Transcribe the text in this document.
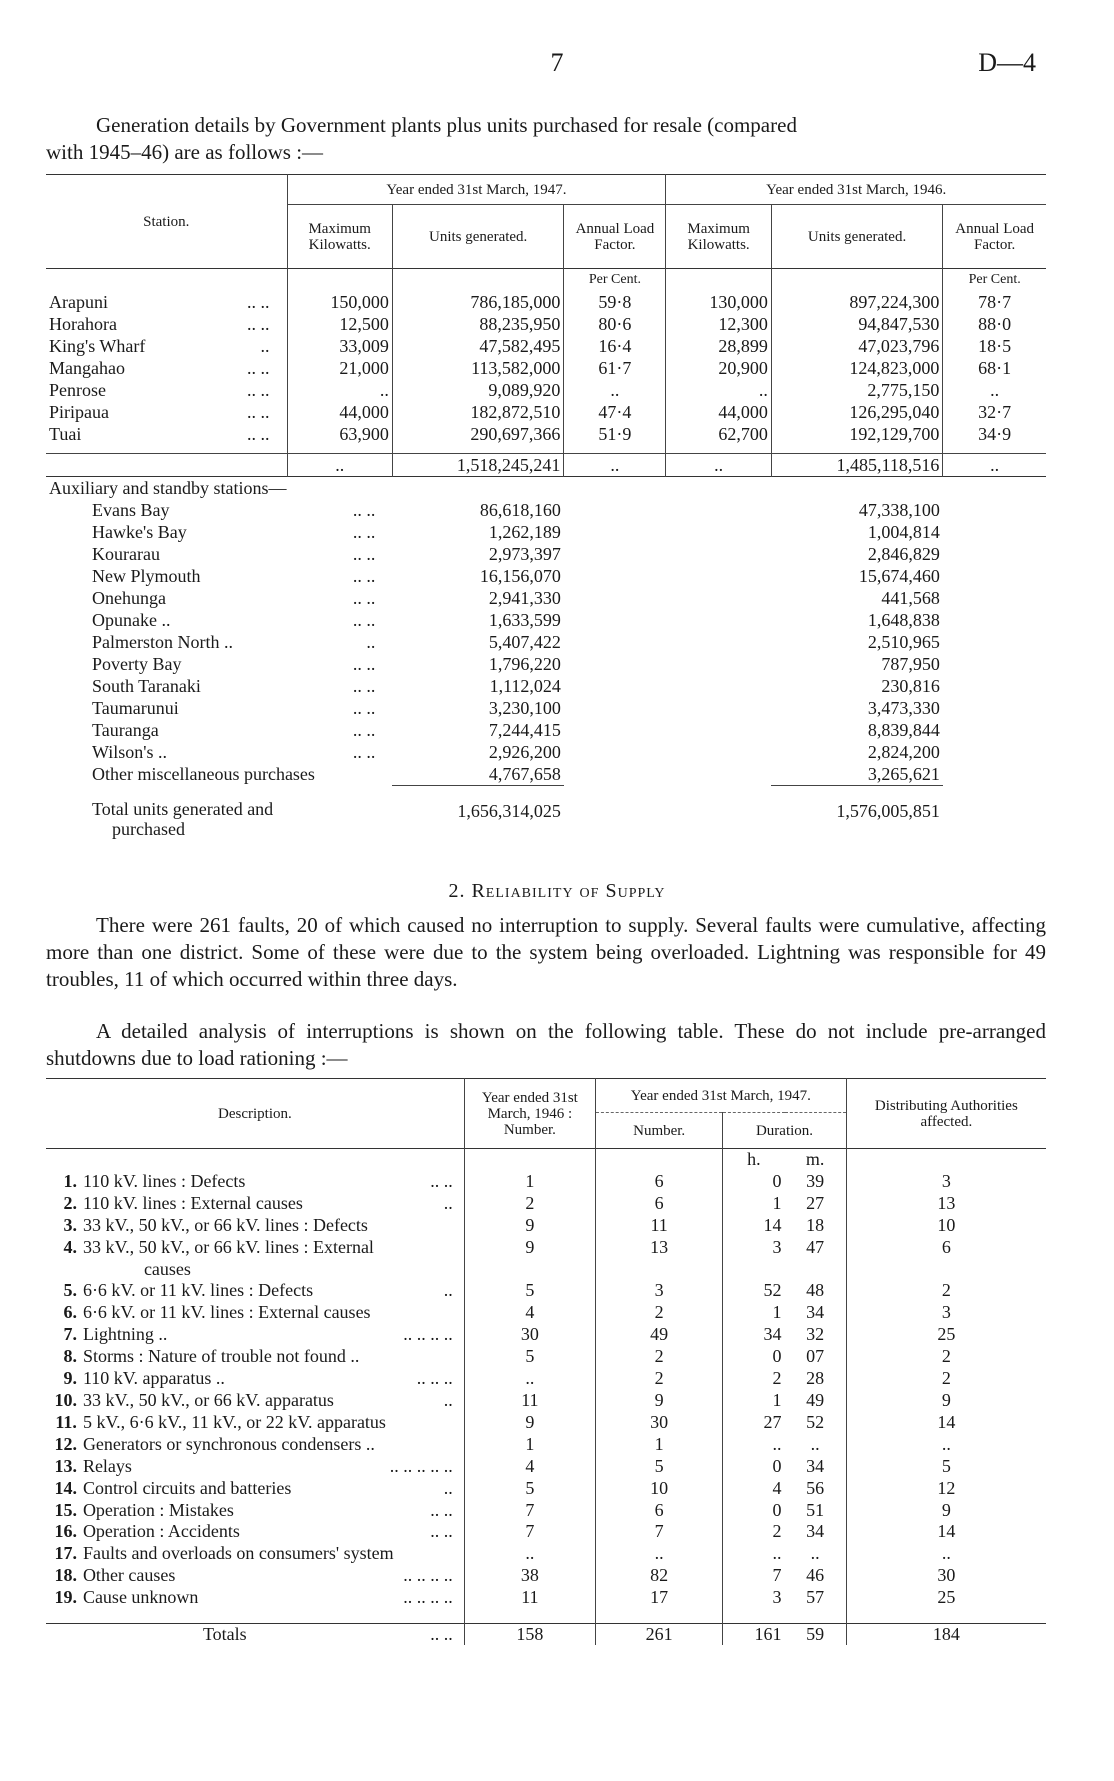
7	D—4
Generation details by Government plants plus units purchased for resale (compared
with 1945–46) are as follows :—
Station.	Year ended 31st March, 1947.			Year ended 31st March, 1946.		
	Maximum Kilowatts.	Units generated.	Annual Load Factor.	Maximum Kilowatts.	Units generated.	Annual Load Factor.
			Per Cent.			Per Cent.
Arapuni .. ..	150,000	786,185,000	59·8	130,000	897,224,300	78·7
Horahora .. ..	12,500	88,235,950	80·6	12,300	94,847,530	88·0
King's Wharf ..	33,009	47,582,495	16·4	28,899	47,023,796	18·5
Mangahao .. ..	21,000	113,582,000	61·7	20,900	124,823,000	68·1
Penrose .. ..	..	9,089,920	..	..	2,775,150	..
Piripaua .. ..	44,000	182,872,510	47·4	44,000	126,295,040	32·7
Tuai .. ..	63,900	290,697,366	51·9	62,700	192,129,700	34·9

	..	1,518,245,241	..	..	1,485,118,516	..
Auxiliary and standby stations—						
Evans Bay .. ..		86,618,160			47,338,100	
Hawke's Bay .. ..		1,262,189			1,004,814	
Kourarau .. ..		2,973,397			2,846,829	
New Plymouth .. ..		16,156,070			15,674,460	
Onehunga .. ..		2,941,330			441,568	
Opunake .. .. ..		1,633,599			1,648,838	
Palmerston North .. ..		5,407,422			2,510,965	
Poverty Bay .. ..		1,796,220			787,950	
South Taranaki .. ..		1,112,024			230,816	
Taumarunui .. ..		3,230,100			3,473,330	
Tauranga .. ..		7,244,415			8,839,844	
Wilson's .. .. ..		2,926,200			2,824,200	
Other miscellaneous purchases		4,767,658			3,265,621	

Total units generated and
purchased		1,656,314,025			1,576,005,851	
2. Reliability of Supply
There were 261 faults, 20 of which caused no interruption to supply. Several faults were cumulative, affecting more than one district. Some of these were due to the system being overloaded. Lightning was responsible for 49 troubles, 11 of which occurred within three days.
A detailed analysis of interruptions is shown on the following table. These do not include pre-arranged shutdowns due to load rationing :—
Description.		Year ended 31st March, 1946 : Number.	Year ended 31st March, 1947.			Distributing Authorities affected.
			Number.	Duration.		
				h.	m.	
1.	110 kV. lines : Defects .. ..	1	6	0	39	3
2.	110 kV. lines : External causes ..	2	6	1	27	13
3.	33 kV., 50 kV., or 66 kV. lines : Defects	9	11	14	18	10
4.	33 kV., 50 kV., or 66 kV. lines : External	9	13	3	47	6
	causes

5.	6·6 kV. or 11 kV. lines : Defects ..	5	3	52	48	2
6.	6·6 kV. or 11 kV. lines : External causes	4	2	1	34	3
7.	Lightning .. .. .. .. ..	30	49	34	32	25
8.	Storms : Nature of trouble not found ..	5	2	0	07	2
9.	110 kV. apparatus .. .. .. ..	..	2	2	28	2
10.	33 kV., 50 kV., or 66 kV. apparatus ..	11	9	1	49	9
11.	5 kV., 6·6 kV., 11 kV., or 22 kV. apparatus	9	30	27	52	14
12.	Generators or synchronous condensers ..	1	1	..	..	..
13.	Relays .. .. .. .. ..	4	5	0	34	5
14.	Control circuits and batteries ..	5	10	4	56	12
15.	Operation : Mistakes .. ..	7	6	0	51	9
16.	Operation : Accidents .. ..	7	7	2	34	14
17.	Faults and overloads on consumers' system	..	..	..	..	..
18.	Other causes .. .. .. ..	38	82	7	46	30
19.	Cause unknown .. .. .. ..	11	17	3	57	25

	Totals .. ..	158	261	161	59	184
